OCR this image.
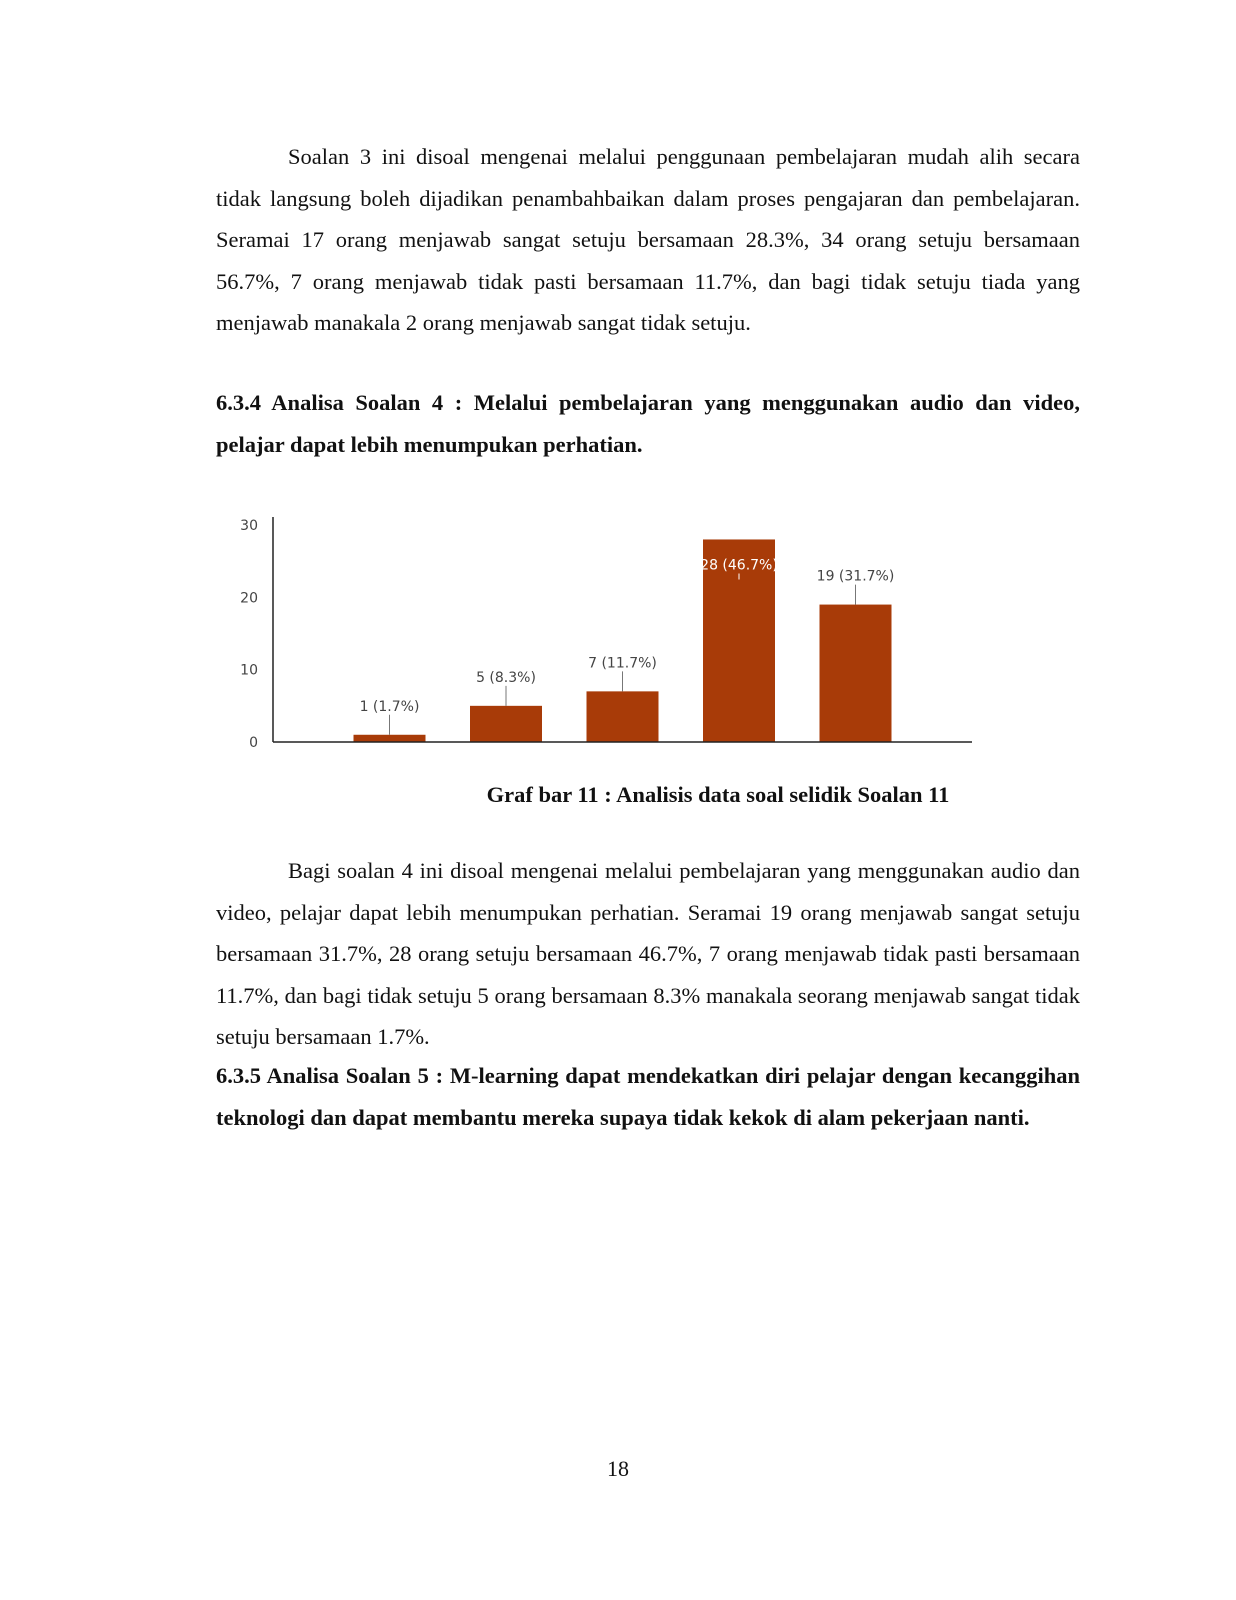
Soalan 3 ini disoal mengenai melalui penggunaan pembelajaran mudah alih secara tidak langsung boleh dijadikan penambahbaikan dalam proses pengajaran dan pembelajaran. Seramai 17 orang menjawab sangat setuju bersamaan 28.3%, 34 orang setuju bersamaan 56.7%, 7 orang menjawab tidak pasti bersamaan 11.7%, dan bagi tidak setuju tiada yang menjawab manakala 2 orang menjawab sangat tidak setuju.

6.3.4 Analisa Soalan 4 : Melalui pembelajaran yang menggunakan audio dan video, pelajar dapat lebih menumpukan perhatian.

0
10
20
30
1 (1.7%)
5 (8.3%)
7 (11.7%)
28 (46.7%)
19 (31.7%)

Graf bar 11 : Analisis data soal selidik Soalan 11

Bagi soalan 4 ini disoal mengenai melalui pembelajaran yang menggunakan audio dan video, pelajar dapat lebih menumpukan perhatian. Seramai 19 orang menjawab sangat setuju bersamaan 31.7%, 28 orang setuju bersamaan 46.7%, 7 orang menjawab tidak pasti bersamaan 11.7%, dan bagi tidak setuju 5 orang bersamaan 8.3% manakala seorang menjawab sangat tidak setuju bersamaan 1.7%.

6.3.5 Analisa Soalan 5 : M-learning dapat mendekatkan diri pelajar dengan kecanggihan teknologi dan dapat membantu mereka supaya tidak kekok di alam pekerjaan nanti.

18
